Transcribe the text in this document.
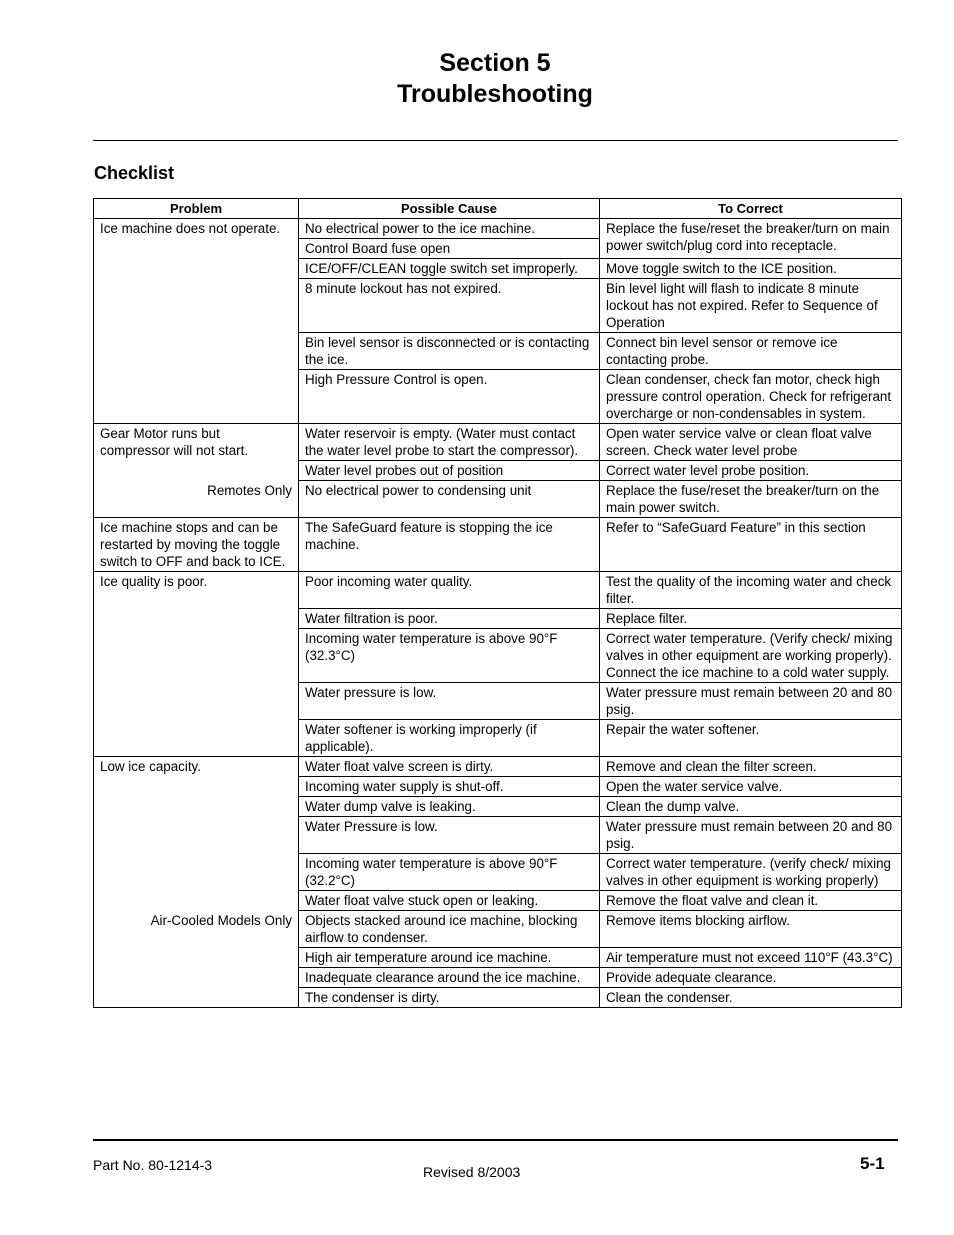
Section 5
Troubleshooting
Checklist
Problem	Possible Cause	To Correct
Ice machine does not operate.	No electrical power to the ice machine.	Replace the fuse/reset the breaker/turn on main power switch/plug cord into receptacle.
	Control Board fuse open	
	ICE/OFF/CLEAN toggle switch set improperly.	Move toggle switch to the ICE position.
	8 minute lockout has not expired.	Bin level light will flash to indicate 8 minute lockout has not expired. Refer to Sequence of Operation
	Bin level sensor is disconnected or is contacting the ice.	Connect bin level sensor or remove ice contacting probe.
	High Pressure Control is open.	Clean condenser, check fan motor, check high pressure control operation. Check for refrigerant overcharge or non-condensables in system.
Gear Motor runs but compressor will not start.	Water reservoir is empty. (Water must contact the water level probe to start the compressor).	Open water service valve or clean float valve screen. Check water level probe
	Water level probes out of position	Correct water level probe position.
Remotes Only	No electrical power to condensing unit	Replace the fuse/reset the breaker/turn on the main power switch.
Ice machine stops and can be restarted by moving the toggle switch to OFF and back to ICE.	The SafeGuard feature is stopping the ice machine.	Refer to “SafeGuard Feature” in this section
Ice quality is poor.	Poor incoming water quality.	Test the quality of the incoming water and check filter.
	Water filtration is poor.	Replace filter.
	Incoming water temperature is above 90°F (32.3°C)	Correct water temperature. (Verify check/ mixing valves in other equipment are working properly). Connect the ice machine to a cold water supply.
	Water pressure is low.	Water pressure must remain between 20 and 80 psig.
	Water softener is working improperly (if applicable).	Repair the water softener.
Low ice capacity.	Water float valve screen is dirty.	Remove and clean the filter screen.
	Incoming water supply is shut-off.	Open the water service valve.
	Water dump valve is leaking.	Clean the dump valve.
	Water Pressure is low.	Water pressure must remain between 20 and 80 psig.
	Incoming water temperature is above 90°F (32.2°C)	Correct water temperature. (verify check/ mixing valves in other equipment is working properly)
	Water float valve stuck open or leaking.	Remove the float valve and clean it.
Air-Cooled Models Only	Objects stacked around ice machine, blocking airflow to condenser.	Remove items blocking airflow.
	High air temperature around ice machine.	Air temperature must not exceed 110°F (43.3°C)
	Inadequate clearance around the ice machine.	Provide adequate clearance.
	The condenser is dirty.	Clean the condenser.
Part No. 80-1214-3	Revised 8/2003	5-1
